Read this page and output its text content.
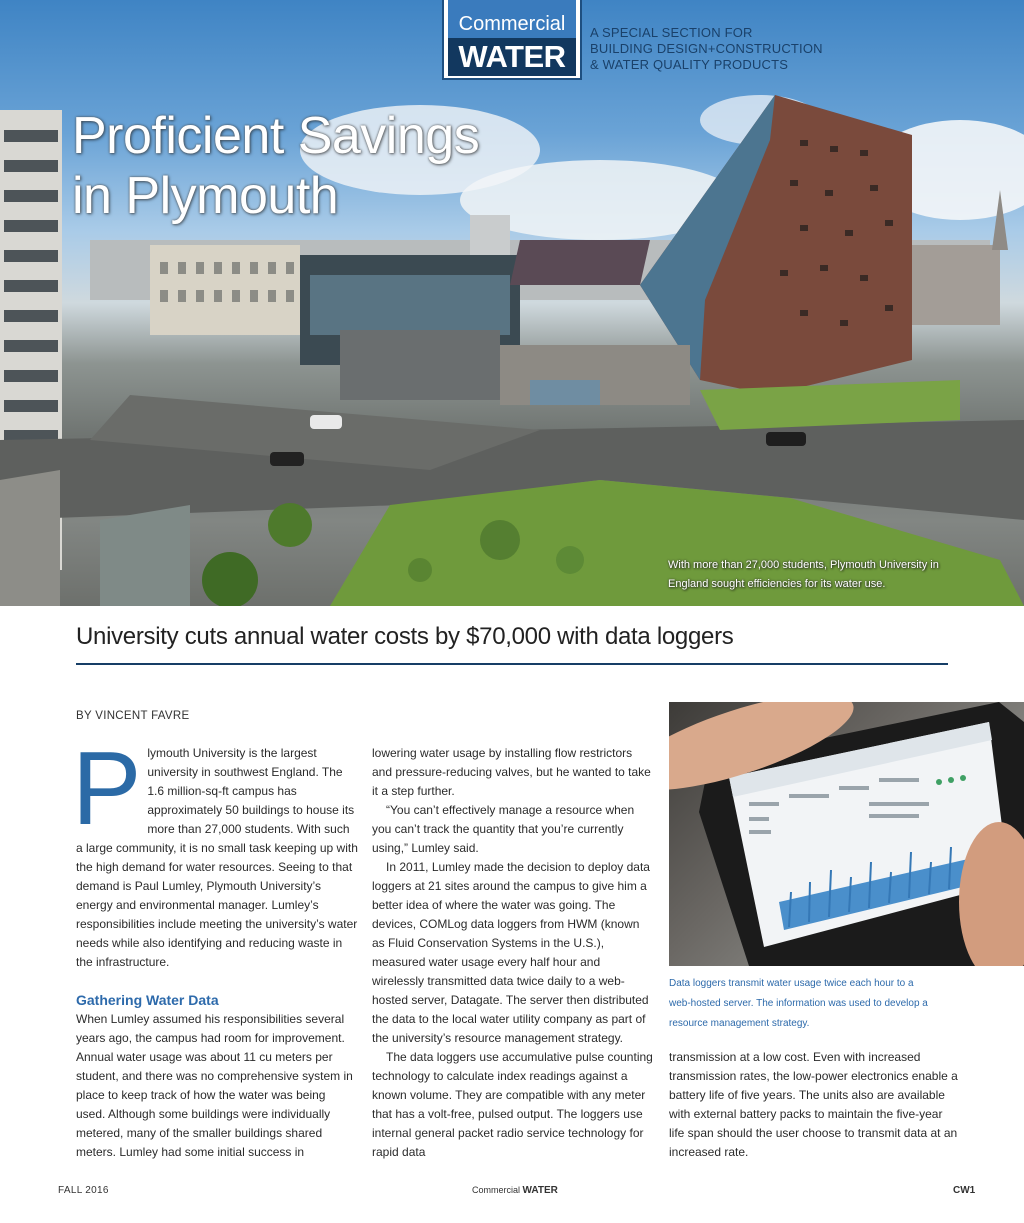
Commercial
WATER
A SPECIAL SECTION FOR
BUILDING DESIGN+CONSTRUCTION
& WATER QUALITY PRODUCTS
Proficient Savings
in Plymouth
With more than 27,000 students, Plymouth University in
England sought efficiencies for its water use.
University cuts annual water costs by $70,000 with data loggers
BY VINCENT FAVRE

Plymouth University is the largest university in southwest England. The 1.6 million-sq-ft campus has approximately 50 buildings to house its more than 27,000 students. With such a large community, it is no small task keeping up with the high demand for water resources. Seeing to that demand is Paul Lumley, Plymouth University’s energy and environmental manager. Lumley’s responsibilities include meeting the university’s water needs while also identifying and reducing waste in the infrastructure.

Gathering Water Data

When Lumley assumed his responsibilities several years ago, the campus had room for improvement. Annual water usage was about 11 cu meters per student, and there was no comprehensive system in place to keep track of how the water was being used. Although some buildings were individually metered, many of the smaller buildings shared meters. Lumley had some initial success in

lowering water usage by installing flow restrictors and pressure-reducing valves, but he wanted to take it a step further.

“You can’t effectively manage a resource when you can’t track the quantity that you’re currently using,” Lumley said.

In 2011, Lumley made the decision to deploy data loggers at 21 sites around the campus to give him a better idea of where the water was going. The devices, COMLog data loggers from HWM (known as Fluid Conservation Systems in the U.S.), measured water usage every half hour and wirelessly transmitted data twice daily to a web-hosted server, Datagate. The server then distributed the data to the local water utility company as part of the university’s resource management strategy.

The data loggers use accumulative pulse counting technology to calculate index readings against a known volume. They are compatible with any meter that has a volt-free, pulsed output. The loggers use internal general packet radio service technology for rapid data

Data loggers transmit water usage twice each hour to a
web-hosted server. The information was used to develop a
resource management strategy.

transmission at a low cost. Even with increased transmission rates, the low-power electronics enable a battery life of five years. The units also are available with external battery packs to maintain the five-year life span should the user choose to transmit data at an increased rate.

FALL 2016	Commercial WATER	CW1
